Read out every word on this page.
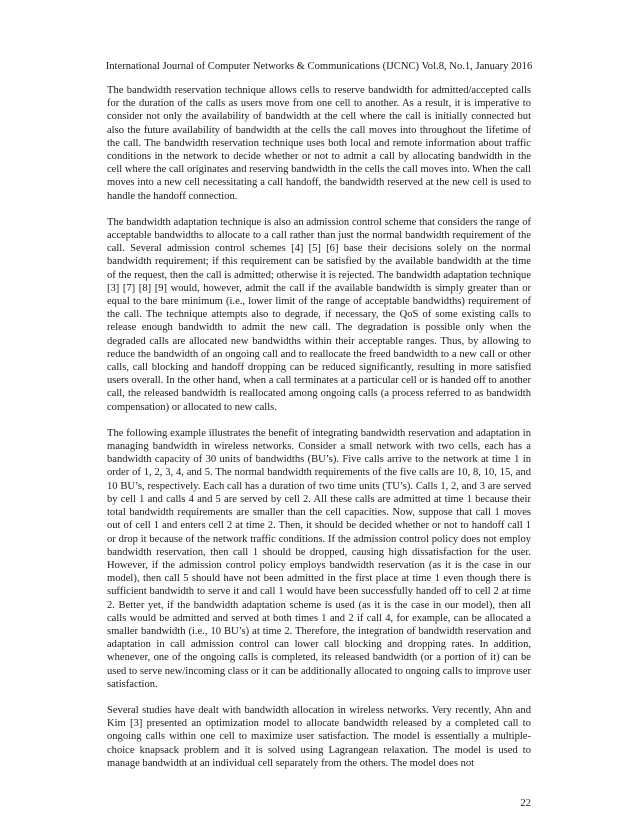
International Journal of Computer Networks & Communications (IJCNC) Vol.8, No.1, January 2016

The bandwidth reservation technique allows cells to reserve bandwidth for admitted/accepted calls for the duration of the calls as users move from one cell to another. As a result, it is imperative to consider not only the availability of bandwidth at the cell where the call is initially connected but also the future availability of bandwidth at the cells the call moves into throughout the lifetime of the call. The bandwidth reservation technique uses both local and remote information about traffic conditions in the network to decide whether or not to admit a call by allocating bandwidth in the cell where the call originates and reserving bandwidth in the cells the call moves into. When the call moves into a new cell necessitating a call handoff, the bandwidth reserved at the new cell is used to handle the handoff connection.

The bandwidth adaptation technique is also an admission control scheme that considers the range of acceptable bandwidths to allocate to a call rather than just the normal bandwidth requirement of the call. Several admission control schemes [4] [5] [6] base their decisions solely on the normal bandwidth requirement; if this requirement can be satisfied by the available bandwidth at the time of the request, then the call is admitted; otherwise it is rejected. The bandwidth adaptation technique [3] [7] [8] [9] would, however, admit the call if the available bandwidth is simply greater than or equal to the bare minimum (i.e., lower limit of the range of acceptable bandwidths) requirement of the call. The technique attempts also to degrade, if necessary, the QoS of some existing calls to release enough bandwidth to admit the new call. The degradation is possible only when the degraded calls are allocated new bandwidths within their acceptable ranges. Thus, by allowing to reduce the bandwidth of an ongoing call and to reallocate the freed bandwidth to a new call or other calls, call blocking and handoff dropping can be reduced significantly, resulting in more satisfied users overall. In the other hand, when a call terminates at a particular cell or is handed off to another call, the released bandwidth is reallocated among ongoing calls (a process referred to as bandwidth compensation) or allocated to new calls.

The following example illustrates the benefit of integrating bandwidth reservation and adaptation in managing bandwidth in wireless networks. Consider a small network with two cells, each has a bandwidth capacity of 30 units of bandwidths (BU’s). Five calls arrive to the network at time 1 in order of 1, 2, 3, 4, and 5. The normal bandwidth requirements of the five calls are 10, 8, 10, 15, and 10 BU’s, respectively. Each call has a duration of two time units (TU’s). Calls 1, 2, and 3 are served by cell 1 and calls 4 and 5 are served by cell 2. All these calls are admitted at time 1 because their total bandwidth requirements are smaller than the cell capacities. Now, suppose that call 1 moves out of cell 1 and enters cell 2 at time 2. Then, it should be decided whether or not to handoff call 1 or drop it because of the network traffic conditions. If the admission control policy does not employ bandwidth reservation, then call 1 should be dropped, causing high dissatisfaction for the user. However, if the admission control policy employs bandwidth reservation (as it is the case in our model), then call 5 should have not been admitted in the first place at time 1 even though there is sufficient bandwidth to serve it and call 1 would have been successfully handed off to cell 2 at time 2. Better yet, if the bandwidth adaptation scheme is used (as it is the case in our model), then all calls would be admitted and served at both times 1 and 2 if call 4, for example, can be allocated a smaller bandwidth (i.e., 10 BU’s) at time 2. Therefore, the integration of bandwidth reservation and adaptation in call admission control can lower call blocking and dropping rates. In addition, whenever, one of the ongoing calls is completed, its released bandwidth (or a portion of it) can be used to serve new/incoming class or it can be additionally allocated to ongoing calls to improve user satisfaction.

Several studies have dealt with bandwidth allocation in wireless networks. Very recently, Ahn and Kim [3] presented an optimization model to allocate bandwidth released by a completed call to ongoing calls within one cell to maximize user satisfaction. The model is essentially a multiple-choice knapsack problem and it is solved using Lagrangean relaxation. The model is used to manage bandwidth at an individual cell separately from the others. The model does not

22
